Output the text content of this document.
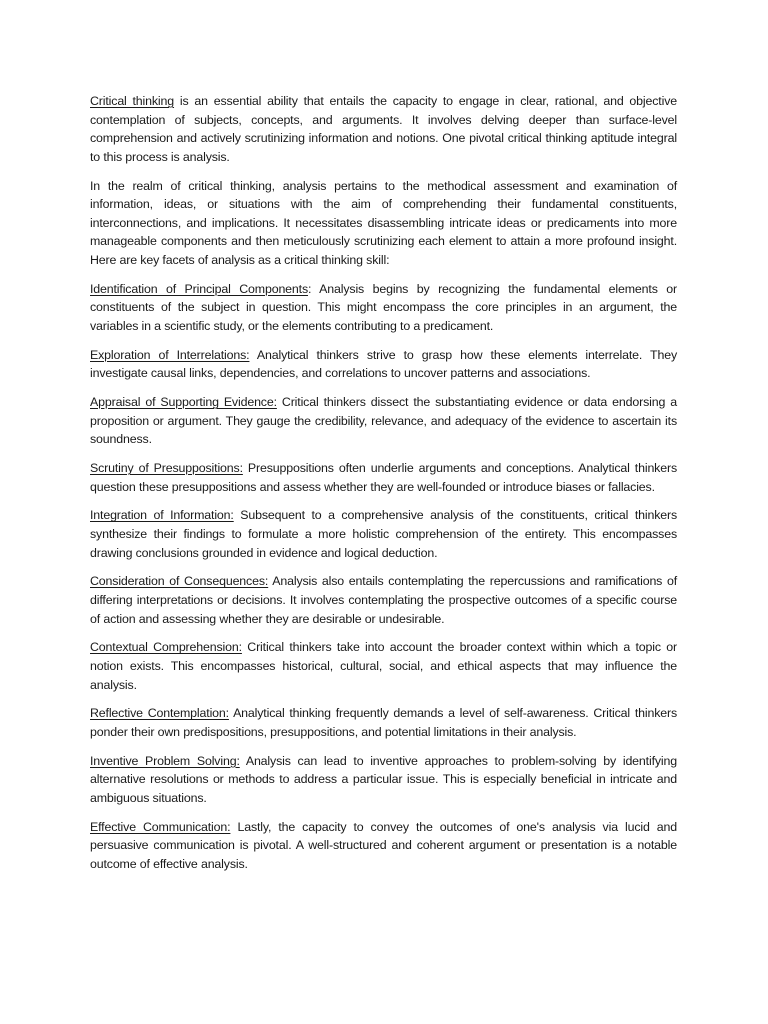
Critical thinking is an essential ability that entails the capacity to engage in clear, rational, and objective contemplation of subjects, concepts, and arguments. It involves delving deeper than surface-level comprehension and actively scrutinizing information and notions. One pivotal critical thinking aptitude integral to this process is analysis.

In the realm of critical thinking, analysis pertains to the methodical assessment and examination of information, ideas, or situations with the aim of comprehending their fundamental constituents, interconnections, and implications. It necessitates disassembling intricate ideas or predicaments into more manageable components and then meticulously scrutinizing each element to attain a more profound insight. Here are key facets of analysis as a critical thinking skill:

Identification of Principal Components: Analysis begins by recognizing the fundamental elements or constituents of the subject in question. This might encompass the core principles in an argument, the variables in a scientific study, or the elements contributing to a predicament.

Exploration of Interrelations: Analytical thinkers strive to grasp how these elements interrelate. They investigate causal links, dependencies, and correlations to uncover patterns and associations.

Appraisal of Supporting Evidence: Critical thinkers dissect the substantiating evidence or data endorsing a proposition or argument. They gauge the credibility, relevance, and adequacy of the evidence to ascertain its soundness.

Scrutiny of Presuppositions: Presuppositions often underlie arguments and conceptions. Analytical thinkers question these presuppositions and assess whether they are well-founded or introduce biases or fallacies.

Integration of Information: Subsequent to a comprehensive analysis of the constituents, critical thinkers synthesize their findings to formulate a more holistic comprehension of the entirety. This encompasses drawing conclusions grounded in evidence and logical deduction.

Consideration of Consequences: Analysis also entails contemplating the repercussions and ramifications of differing interpretations or decisions. It involves contemplating the prospective outcomes of a specific course of action and assessing whether they are desirable or undesirable.

Contextual Comprehension: Critical thinkers take into account the broader context within which a topic or notion exists. This encompasses historical, cultural, social, and ethical aspects that may influence the analysis.

Reflective Contemplation: Analytical thinking frequently demands a level of self-awareness. Critical thinkers ponder their own predispositions, presuppositions, and potential limitations in their analysis.

Inventive Problem Solving: Analysis can lead to inventive approaches to problem-solving by identifying alternative resolutions or methods to address a particular issue. This is especially beneficial in intricate and ambiguous situations.

Effective Communication: Lastly, the capacity to convey the outcomes of one's analysis via lucid and persuasive communication is pivotal. A well-structured and coherent argument or presentation is a notable outcome of effective analysis.
